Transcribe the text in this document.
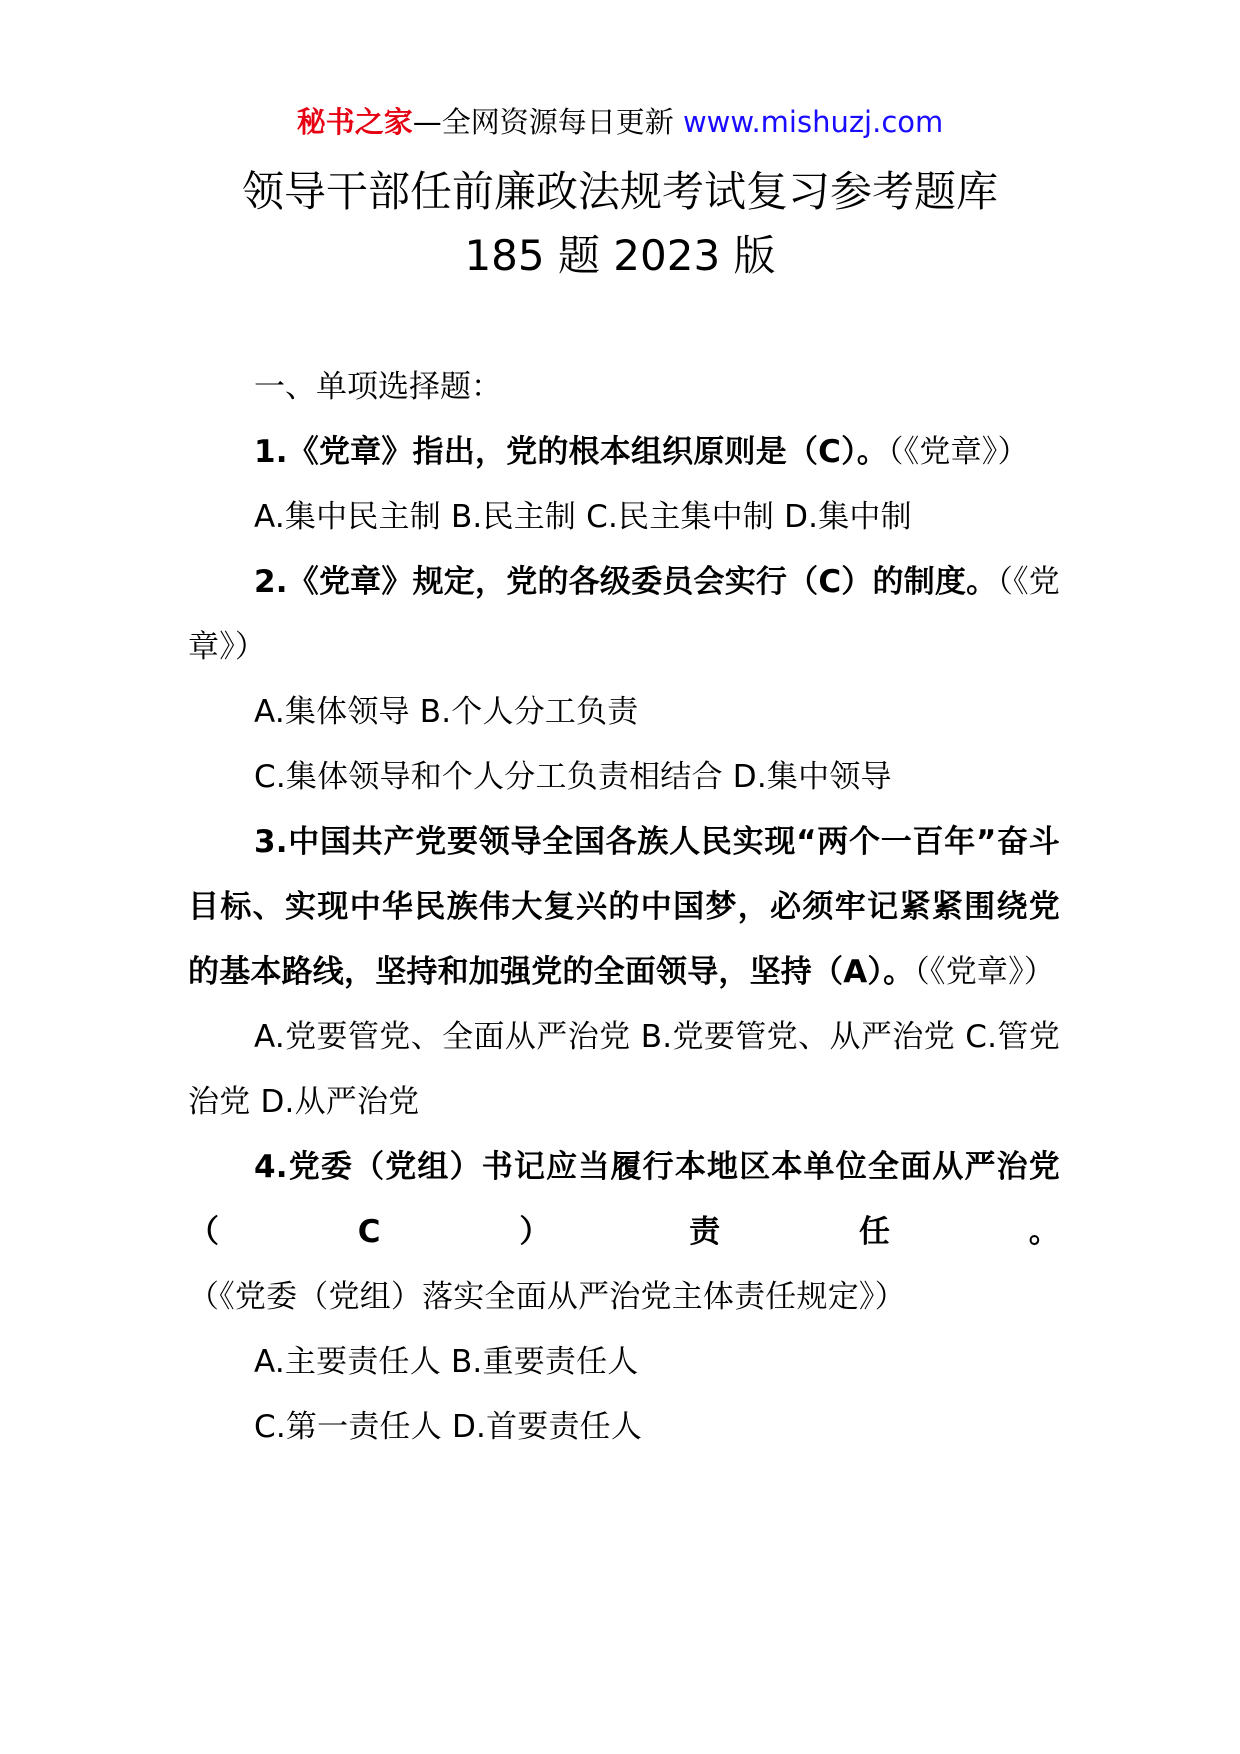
秘书之家—全网资源每日更新 www.mishuzj.com
领导干部任前廉政法规考试复习参考题库
185 题 2023 版
一、单项选择题：

1.《党章》指出，党的根本组织原则是（C）。（《党章》）

A.集中民主制 B.民主制 C.民主集中制 D.集中制

2.《党章》规定，党的各级委员会实行（C）的制度。（《党章》）

A.集体领导 B.个人分工负责

C.集体领导和个人分工负责相结合 D.集中领导

3.中国共产党要领导全国各族人民实现“两个一百年”奋斗目标、实现中华民族伟大复兴的中国梦，必须牢记紧紧围绕党的基本路线，坚持和加强党的全面领导，坚持（A）。（《党章》）

A.党要管党、全面从严治党 B.党要管党、从严治党 C.管党治党 D.从严治党

4.党委（党组）书记应当履行本地区本单位全面从严治党（C）责任。（《党委（党组）落实全面从严治党主体责任规定》）

A.主要责任人 B.重要责任人

C.第一责任人 D.首要责任人
